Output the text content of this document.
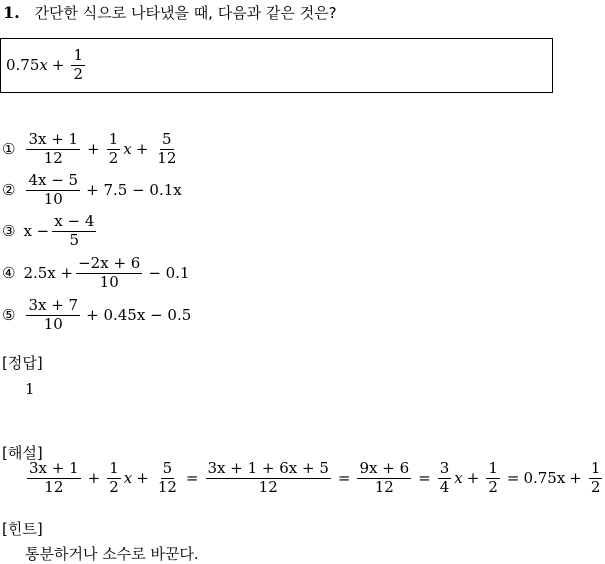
1. 간단한 식으로 나타냈을 때, 다음과 같은 것은?
0.75 $x + \frac{1}{2}$
① $\frac{3x + 1}{12} + \frac{1}{2}$ $x + \frac{5}{12}$
② $\frac{4x - 5}{10} + 7.5 - 0.1x$
③ $x - \frac{x - 4}{5}$
④ $2.5x + \frac{-2x + 6}{10} - 0.1$
⑤ $\frac{3x + 7}{10} + 0.45x - 0.5$
[정답]
1
[해설]
$\frac{3x + 1}{12} + \frac{1}{2}$ $x + \frac{5}{12} = \frac{3x + 1 + 6x + 5}{12} = \frac{9x + 6}{12} = \frac{3}{4}$ $x + \frac{1}{2} = 0.75x + \frac{1}{2}$
[힌트]
통분하거나 소수로 바꾼다.
